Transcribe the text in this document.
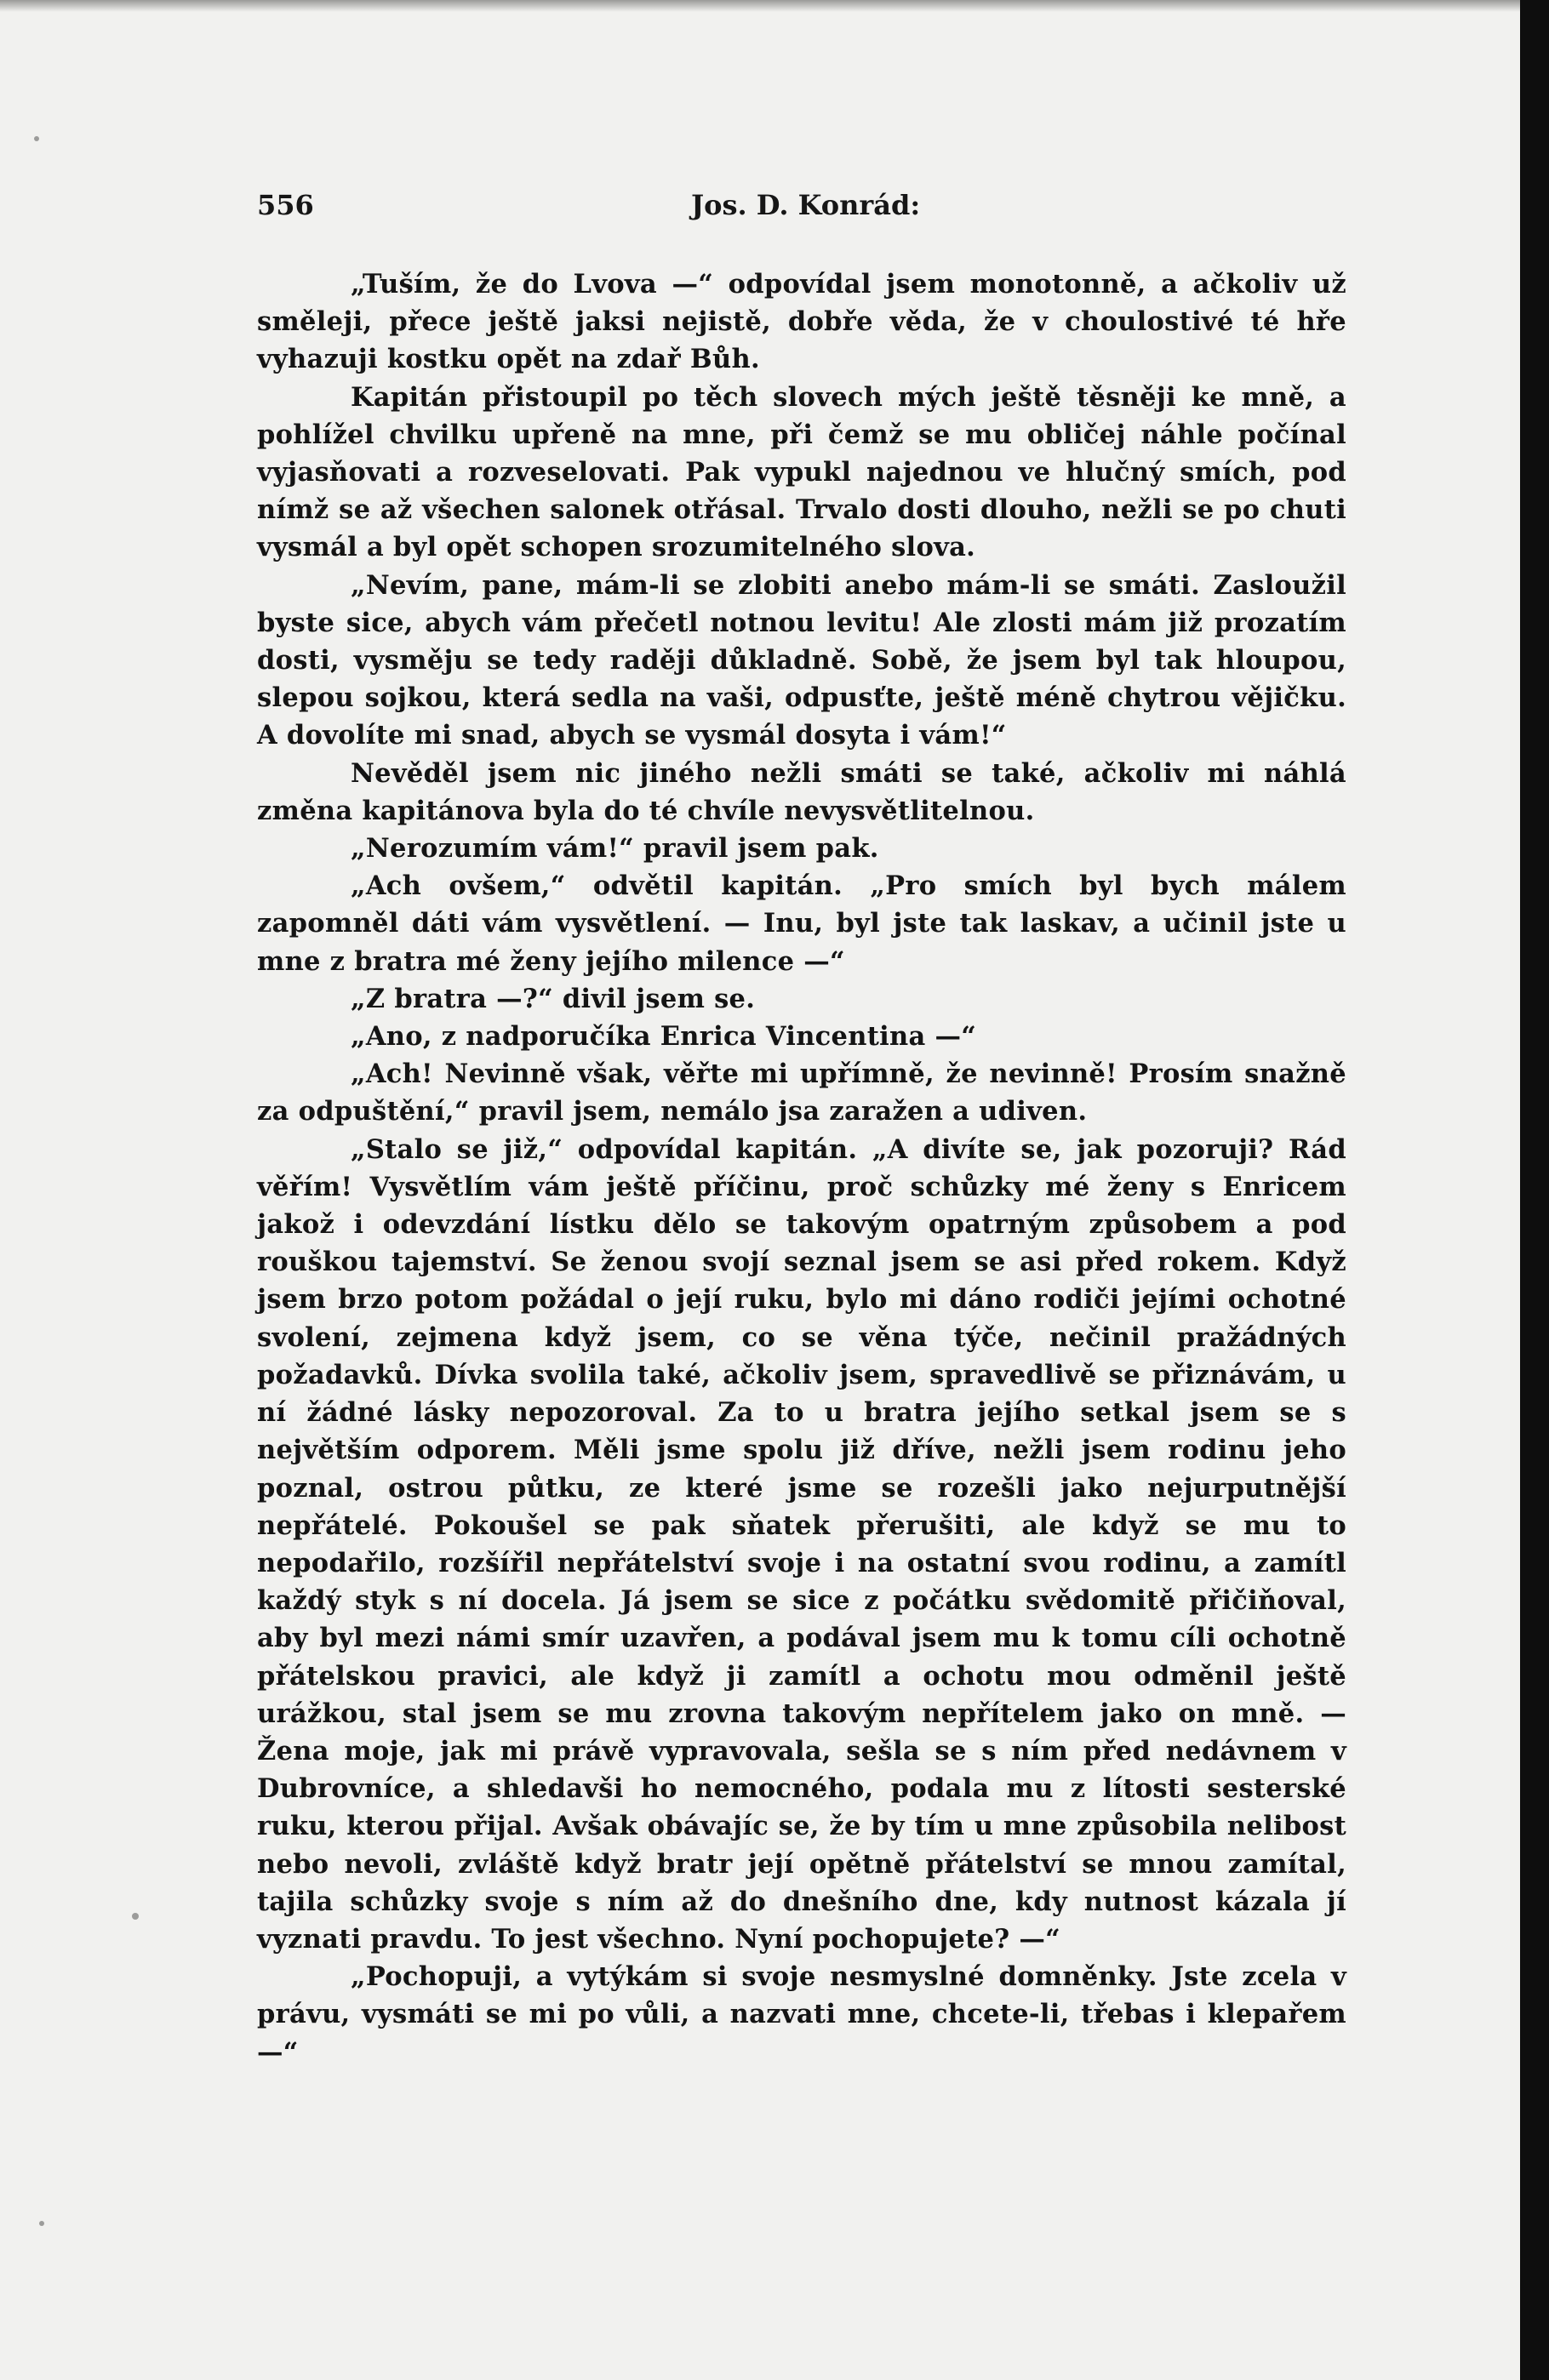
556	Jos. D. Konrád:

„Tuším, že do Lvova —“ odpovídal jsem monotonně, a ačkoliv už směleji, přece ještě jaksi nejistě, dobře věda, že v choulostivé té hře vyhazuji kostku opět na zdař Bůh.

Kapitán přistoupil po těch slovech mých ještě těsněji ke mně, a pohlížel chvilku upřeně na mne, při čemž se mu obličej náhle počínal vyjasňovati a rozveselovati. Pak vypukl najednou ve hlučný smích, pod nímž se až všechen salonek otřásal. Trvalo dosti dlouho, nežli se po chuti vysmál a byl opět schopen srozumitelného slova.

„Nevím, pane, mám-li se zlobiti anebo mám-li se smáti. Zasloužil byste sice, abych vám přečetl notnou levitu! Ale zlosti mám již prozatím dosti, vysměju se tedy raději důkladně. Sobě, že jsem byl tak hloupou, slepou sojkou, která sedla na vaši, odpusťte, ještě méně chytrou vějičku. A dovolíte mi snad, abych se vysmál dosyta i vám!“

Nevěděl jsem nic jiného nežli smáti se také, ačkoliv mi náhlá změna kapitánova byla do té chvíle nevysvětlitelnou.

„Nerozumím vám!“ pravil jsem pak.

„Ach ovšem,“ odvětil kapitán. „Pro smích byl bych málem zapomněl dáti vám vysvětlení. — Inu, byl jste tak laskav, a učinil jste u mne z bratra mé ženy jejího milence —“

„Z bratra —?“ divil jsem se.

„Ano, z nadporučíka Enrica Vincentina —“

„Ach! Nevinně však, věřte mi upřímně, že nevinně! Prosím snažně za odpuštění,“ pravil jsem, nemálo jsa zaražen a udiven.

„Stalo se již,“ odpovídal kapitán. „A divíte se, jak pozoruji? Rád věřím! Vysvětlím vám ještě příčinu, proč schůzky mé ženy s Enricem jakož i odevzdání lístku dělo se takovým opatrným způsobem a pod rouškou tajemství. Se ženou svojí seznal jsem se asi před rokem. Když jsem brzo potom požádal o její ruku, bylo mi dáno rodiči jejími ochotné svolení, zejmena když jsem, co se věna týče, nečinil pražádných požadavků. Dívka svolila také, ačkoliv jsem, spravedlivě se přiznávám, u ní žádné lásky nepozoroval. Za to u bratra jejího setkal jsem se s největším odporem. Měli jsme spolu již dříve, nežli jsem rodinu jeho poznal, ostrou půtku, ze které jsme se rozešli jako nejurputnější nepřátelé. Pokoušel se pak sňatek přerušiti, ale když se mu to nepodařilo, rozšířil nepřátelství svoje i na ostatní svou rodinu, a zamítl každý styk s ní docela. Já jsem se sice z počátku svědomitě přičiňoval, aby byl mezi námi smír uzavřen, a podával jsem mu k tomu cíli ochotně přátelskou pravici, ale když ji zamítl a ochotu mou odměnil ještě urážkou, stal jsem se mu zrovna takovým nepřítelem jako on mně. — Žena moje, jak mi právě vypravovala, sešla se s ním před nedávnem v Dubrovníce, a shledavši ho nemocného, podala mu z lítosti sesterské ruku, kterou přijal. Avšak obávajíc se, že by tím u mne způsobila nelibost nebo nevoli, zvláště když bratr její opětně přátelství se mnou zamítal, tajila schůzky svoje s ním až do dnešního dne, kdy nutnost kázala jí vyznati pravdu. To jest všechno. Nyní pochopujete? —“

„Pochopuji, a vytýkám si svoje nesmyslné domněnky. Jste zcela v právu, vysmáti se mi po vůli, a nazvati mne, chcete-li, třebas i klepařem —“
